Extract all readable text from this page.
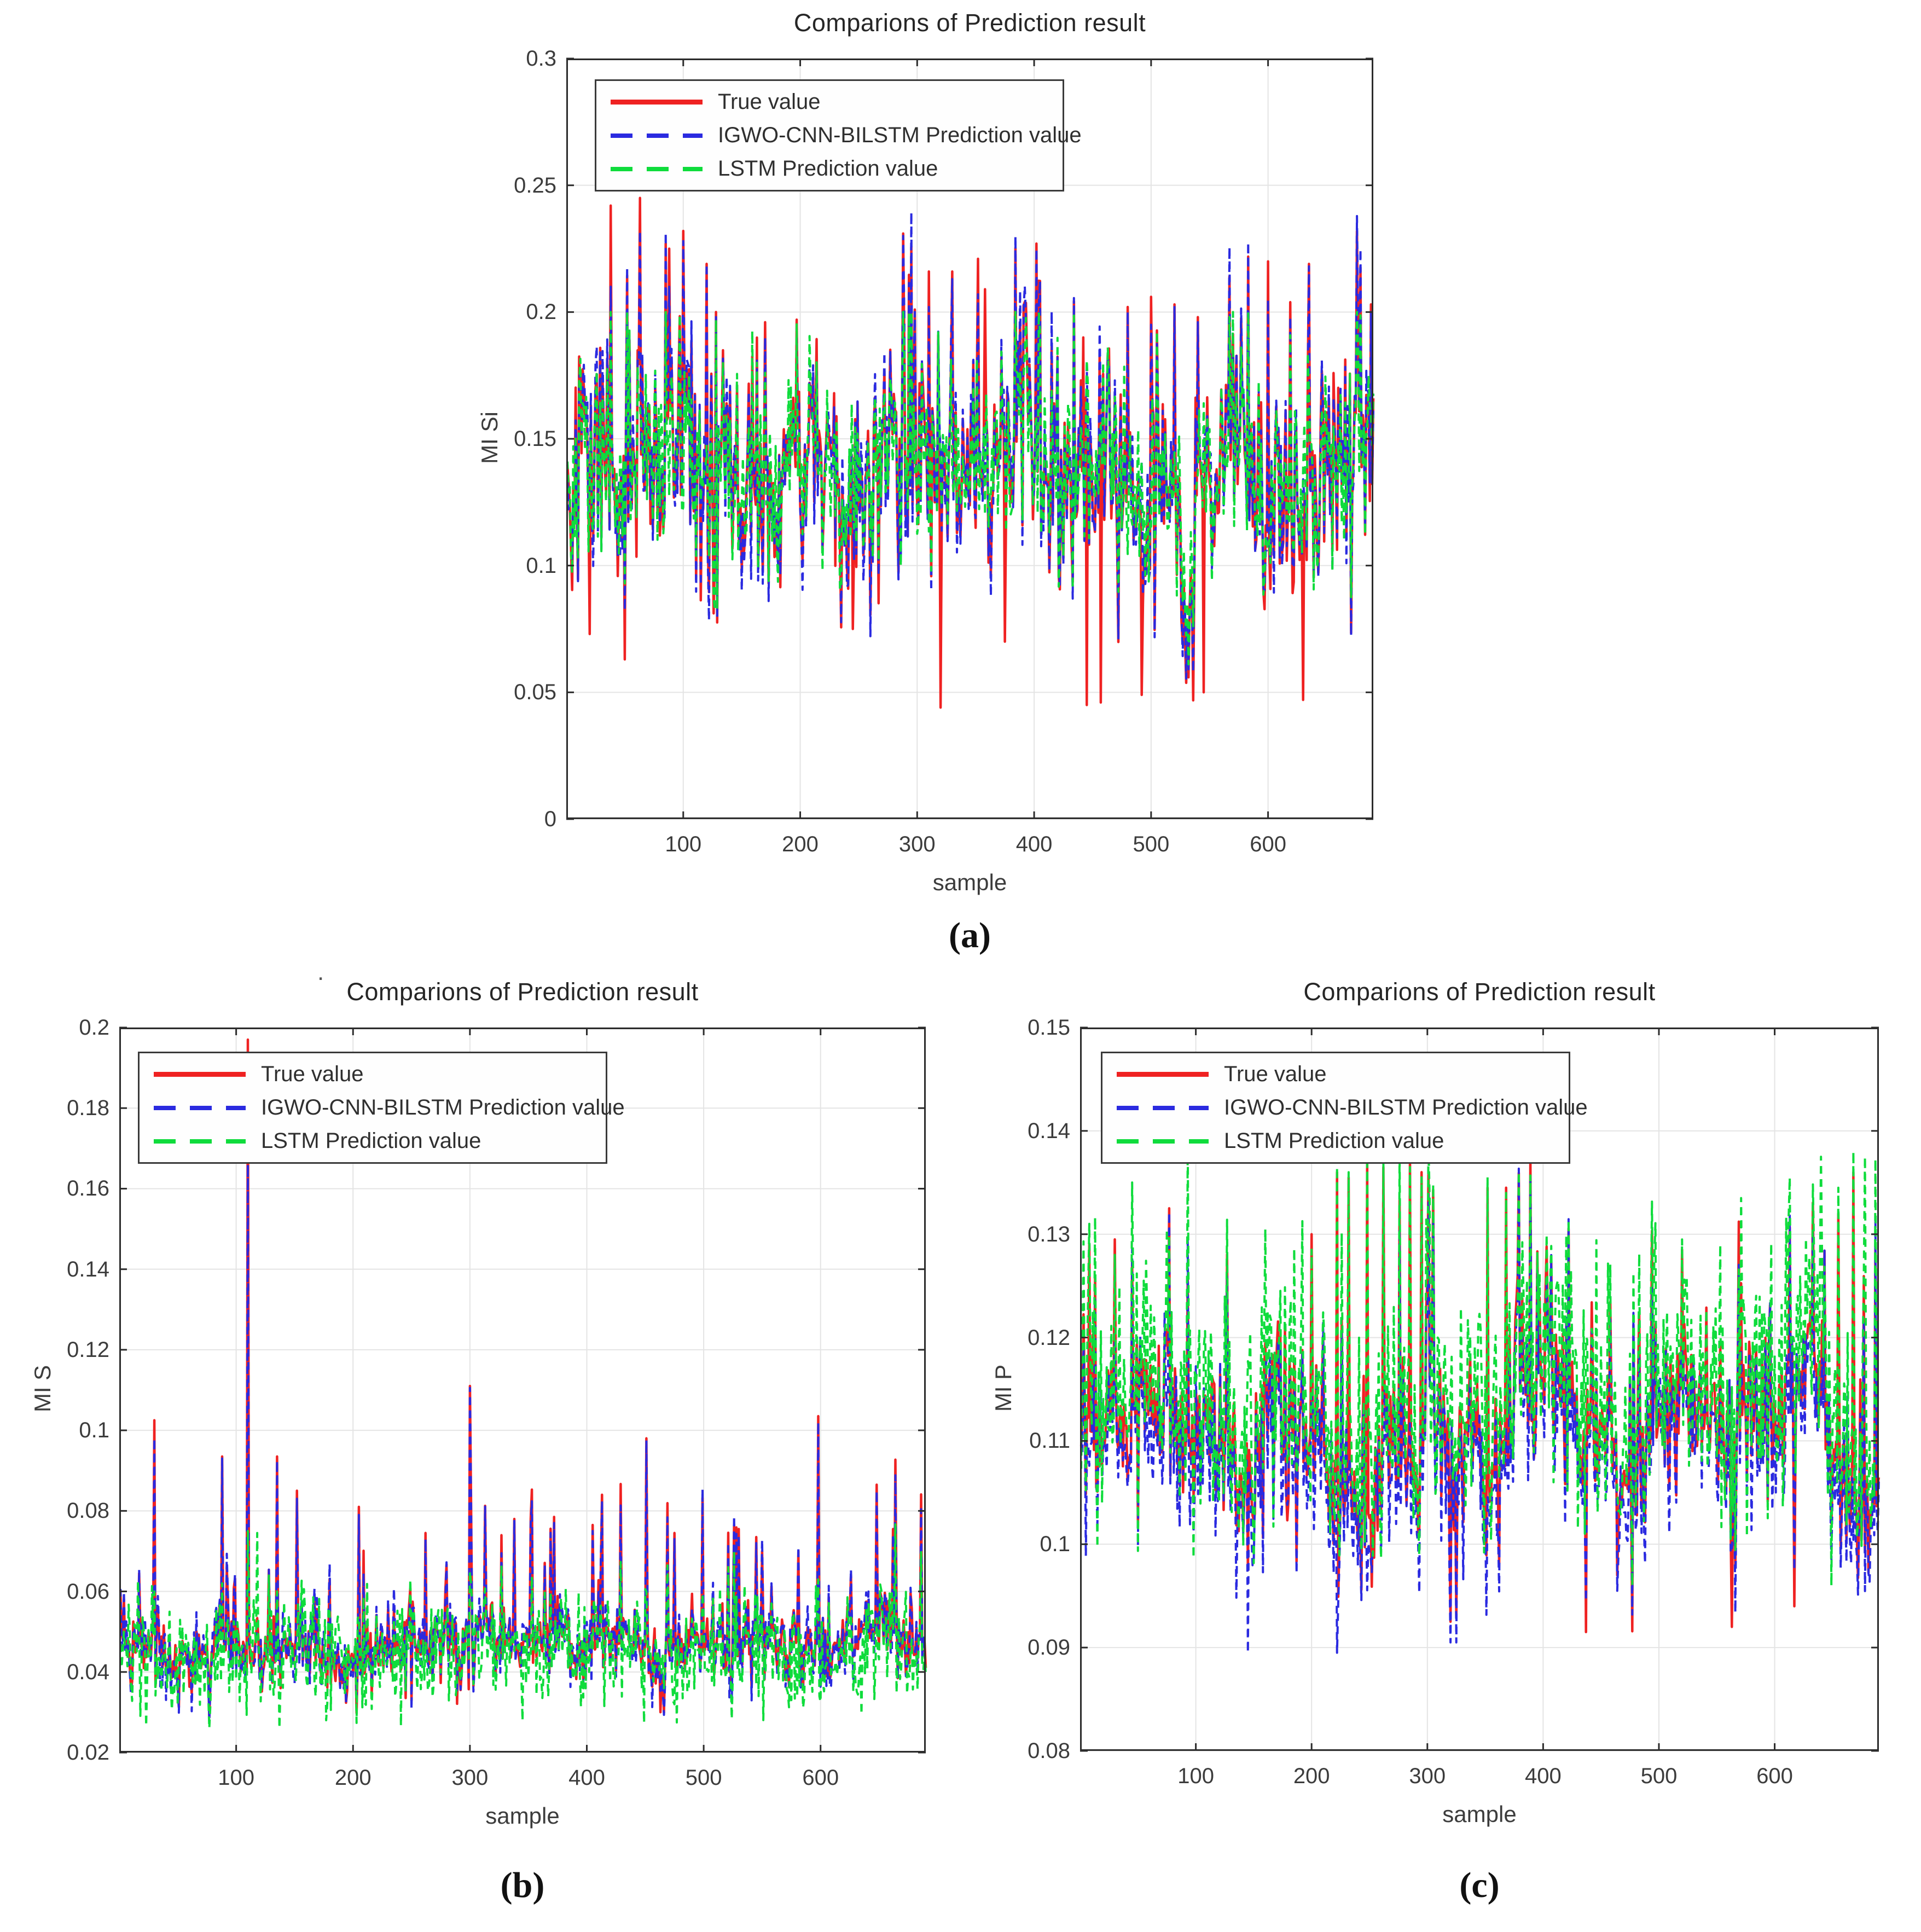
Comparions of Prediction result
MI Si
True value
IGWO-CNN-BILSTM Prediction value
LSTM Prediction value
100	200	300	400	500	600
0
0.05
0.1
0.15
0.2
0.25
0.3
sample
(a)
.
Comparions of Prediction result
MI S
True value
IGWO-CNN-BILSTM Prediction value
LSTM Prediction value
100	200	300	400	500	600
0.02
0.04
0.06
0.08
0.1
0.12
0.14
0.16
0.18
0.2
sample
(b)
Comparions of Prediction result
MI P
True value
IGWO-CNN-BILSTM Prediction value
LSTM Prediction value
100	200	300	400	500	600
0.08
0.09
0.1
0.11
0.12
0.13
0.14
0.15
sample
(c)
